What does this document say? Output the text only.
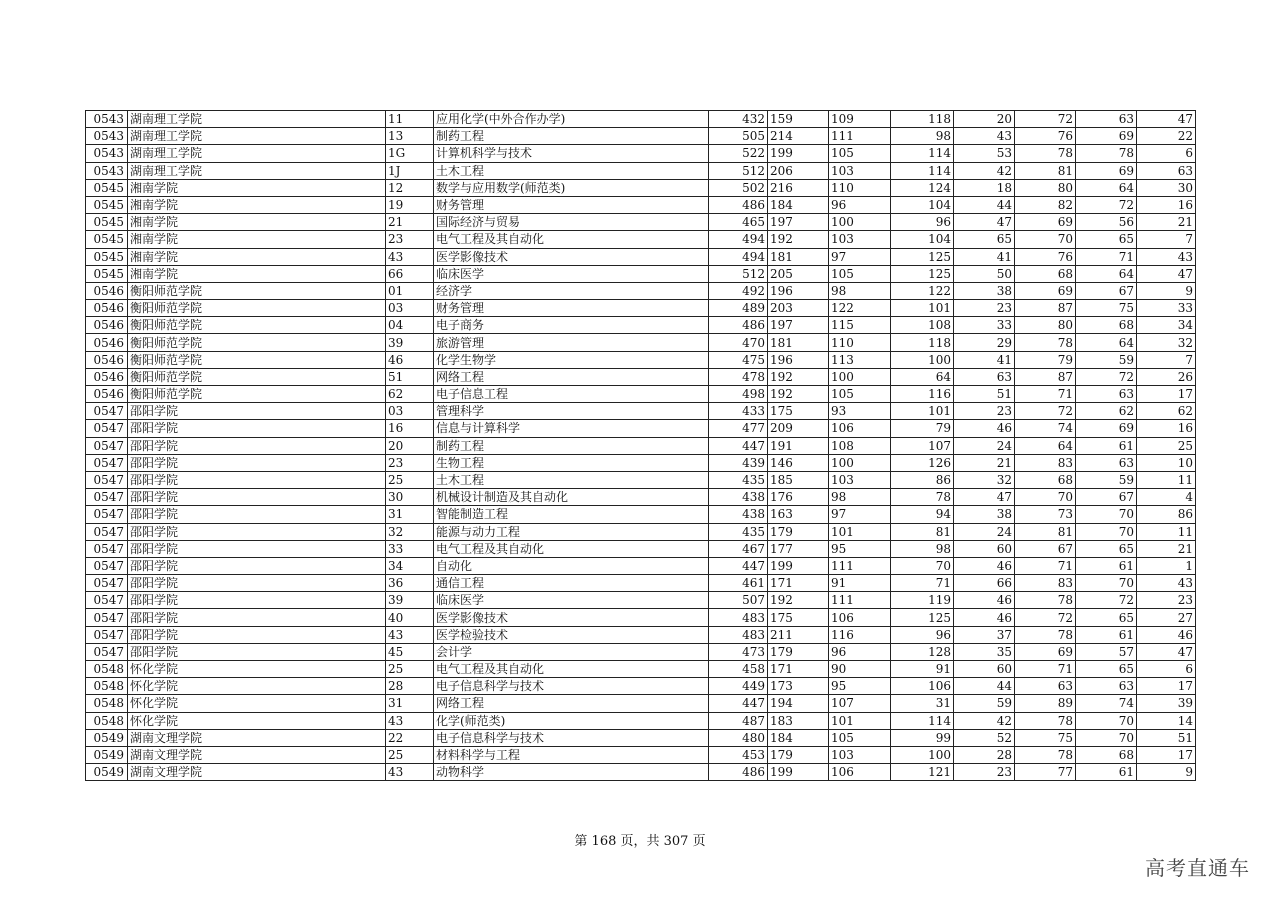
0543	湖南理工学院	11	应用化学(中外合作办学)	432	159	109	118	20	72	63	47
0543	湖南理工学院	13	制药工程	505	214	111	98	43	76	69	22
0543	湖南理工学院	1G	计算机科学与技术	522	199	105	114	53	78	78	6
0543	湖南理工学院	1J	土木工程	512	206	103	114	42	81	69	63
0545	湘南学院	12	数学与应用数学(师范类)	502	216	110	124	18	80	64	30
0545	湘南学院	19	财务管理	486	184	96	104	44	82	72	16
0545	湘南学院	21	国际经济与贸易	465	197	100	96	47	69	56	21
0545	湘南学院	23	电气工程及其自动化	494	192	103	104	65	70	65	7
0545	湘南学院	43	医学影像技术	494	181	97	125	41	76	71	43
0545	湘南学院	66	临床医学	512	205	105	125	50	68	64	47
0546	衡阳师范学院	01	经济学	492	196	98	122	38	69	67	9
0546	衡阳师范学院	03	财务管理	489	203	122	101	23	87	75	33
0546	衡阳师范学院	04	电子商务	486	197	115	108	33	80	68	34
0546	衡阳师范学院	39	旅游管理	470	181	110	118	29	78	64	32
0546	衡阳师范学院	46	化学生物学	475	196	113	100	41	79	59	7
0546	衡阳师范学院	51	网络工程	478	192	100	64	63	87	72	26
0546	衡阳师范学院	62	电子信息工程	498	192	105	116	51	71	63	17
0547	邵阳学院	03	管理科学	433	175	93	101	23	72	62	62
0547	邵阳学院	16	信息与计算科学	477	209	106	79	46	74	69	16
0547	邵阳学院	20	制药工程	447	191	108	107	24	64	61	25
0547	邵阳学院	23	生物工程	439	146	100	126	21	83	63	10
0547	邵阳学院	25	土木工程	435	185	103	86	32	68	59	11
0547	邵阳学院	30	机械设计制造及其自动化	438	176	98	78	47	70	67	4
0547	邵阳学院	31	智能制造工程	438	163	97	94	38	73	70	86
0547	邵阳学院	32	能源与动力工程	435	179	101	81	24	81	70	11
0547	邵阳学院	33	电气工程及其自动化	467	177	95	98	60	67	65	21
0547	邵阳学院	34	自动化	447	199	111	70	46	71	61	1
0547	邵阳学院	36	通信工程	461	171	91	71	66	83	70	43
0547	邵阳学院	39	临床医学	507	192	111	119	46	78	72	23
0547	邵阳学院	40	医学影像技术	483	175	106	125	46	72	65	27
0547	邵阳学院	43	医学检验技术	483	211	116	96	37	78	61	46
0547	邵阳学院	45	会计学	473	179	96	128	35	69	57	47
0548	怀化学院	25	电气工程及其自动化	458	171	90	91	60	71	65	6
0548	怀化学院	28	电子信息科学与技术	449	173	95	106	44	63	63	17
0548	怀化学院	31	网络工程	447	194	107	31	59	89	74	39
0548	怀化学院	43	化学(师范类)	487	183	101	114	42	78	70	14
0549	湖南文理学院	22	电子信息科学与技术	480	184	105	99	52	75	70	51
0549	湖南文理学院	25	材料科学与工程	453	179	103	100	28	78	68	17
0549	湖南文理学院	43	动物科学	486	199	106	121	23	77	61	9
第 168 页，共 307 页
高考直通车
